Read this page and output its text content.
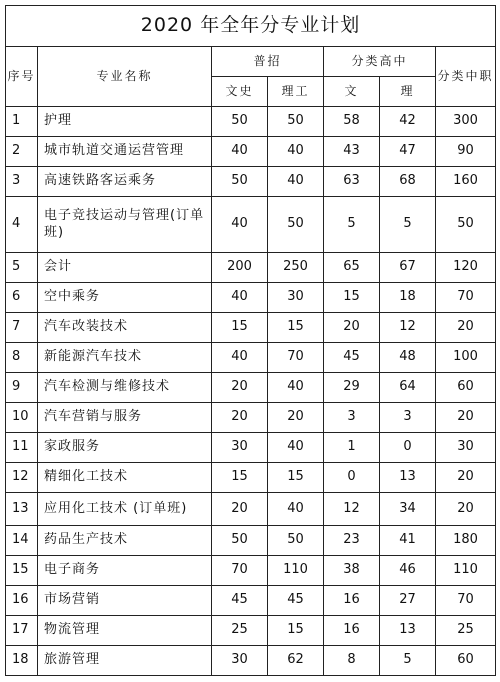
2020 年全年分专业计划						
序号	专业名称	普招		分类高中		分类中职
		文史	理工	文	理	
1	护理	50	50	58	42	300
2	城市轨道交通运营管理	40	40	43	47	90
3	高速铁路客运乘务	50	40	63	68	160
4	电子竞技运动与管理(订单班)	40	50	5	5	50
5	会计	200	250	65	67	120
6	空中乘务	40	30	15	18	70
7	汽车改装技术	15	15	20	12	20
8	新能源汽车技术	40	70	45	48	100
9	汽车检测与维修技术	20	40	29	64	60
10	汽车营销与服务	20	20	3	3	20
11	家政服务	30	40	1	0	30
12	精细化工技术	15	15	0	13	20
13	应用化工技术 (订单班)	20	40	12	34	20
14	药品生产技术	50	50	23	41	180
15	电子商务	70	110	38	46	110
16	市场营销	45	45	16	27	70
17	物流管理	25	15	16	13	25
18	旅游管理	30	62	8	5	60
